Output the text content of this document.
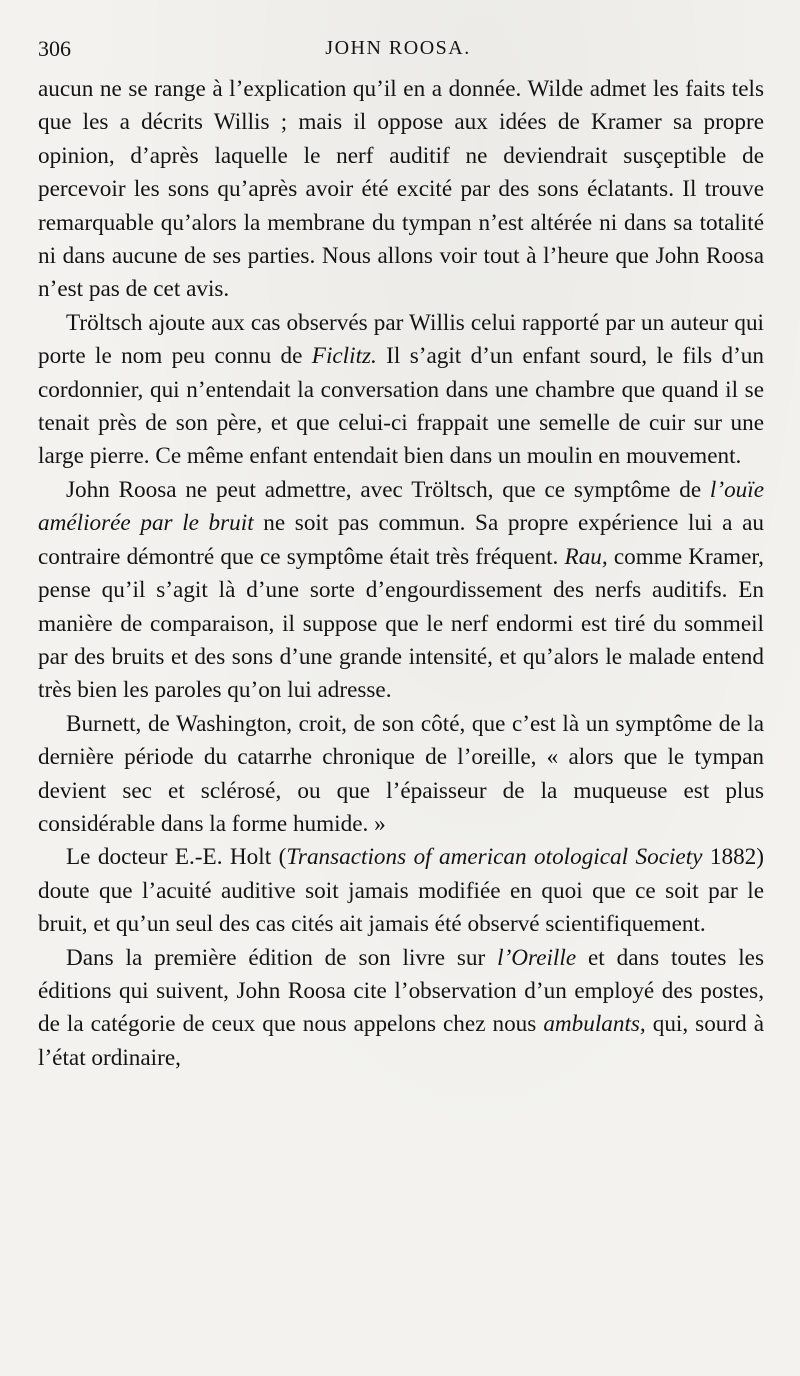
306	JOHN ROOSA.

aucun ne se range à l’explication qu’il en a donnée. Wilde admet les faits tels que les a décrits Willis ; mais il oppose aux idées de Kramer sa propre opinion, d’après laquelle le nerf auditif ne deviendrait susçeptible de percevoir les sons qu’après avoir été excité par des sons éclatants. Il trouve remarquable qu’alors la membrane du tympan n’est altérée ni dans sa totalité ni dans aucune de ses parties. Nous allons voir tout à l’heure que John Roosa n’est pas de cet avis.

Tröltsch ajoute aux cas observés par Willis celui rapporté par un auteur qui porte le nom peu connu de Ficlitz. Il s’agit d’un enfant sourd, le fils d’un cordonnier, qui n’entendait la conversation dans une chambre que quand il se tenait près de son père, et que celui-ci frappait une semelle de cuir sur une large pierre. Ce même enfant entendait bien dans un moulin en mouvement.

John Roosa ne peut admettre, avec Tröltsch, que ce symptôme de l’ouïe améliorée par le bruit ne soit pas commun. Sa propre expérience lui a au contraire démontré que ce symptôme était très fréquent. Rau, comme Kramer, pense qu’il s’agit là d’une sorte d’engourdissement des nerfs auditifs. En manière de comparaison, il suppose que le nerf endormi est tiré du sommeil par des bruits et des sons d’une grande intensité, et qu’alors le malade entend très bien les paroles qu’on lui adresse.

Burnett, de Washington, croit, de son côté, que c’est là un symptôme de la dernière période du catarrhe chronique de l’oreille, « alors que le tympan devient sec et sclérosé, ou que l’épaisseur de la muqueuse est plus considérable dans la forme humide. »

Le docteur E.-E. Holt (Transactions of american otological Society 1882) doute que l’acuité auditive soit jamais modifiée en quoi que ce soit par le bruit, et qu’un seul des cas cités ait jamais été observé scientifiquement.

Dans la première édition de son livre sur l’Oreille et dans toutes les éditions qui suivent, John Roosa cite l’observation d’un employé des postes, de la catégorie de ceux que nous appelons chez nous ambulants, qui, sourd à l’état ordinaire,
